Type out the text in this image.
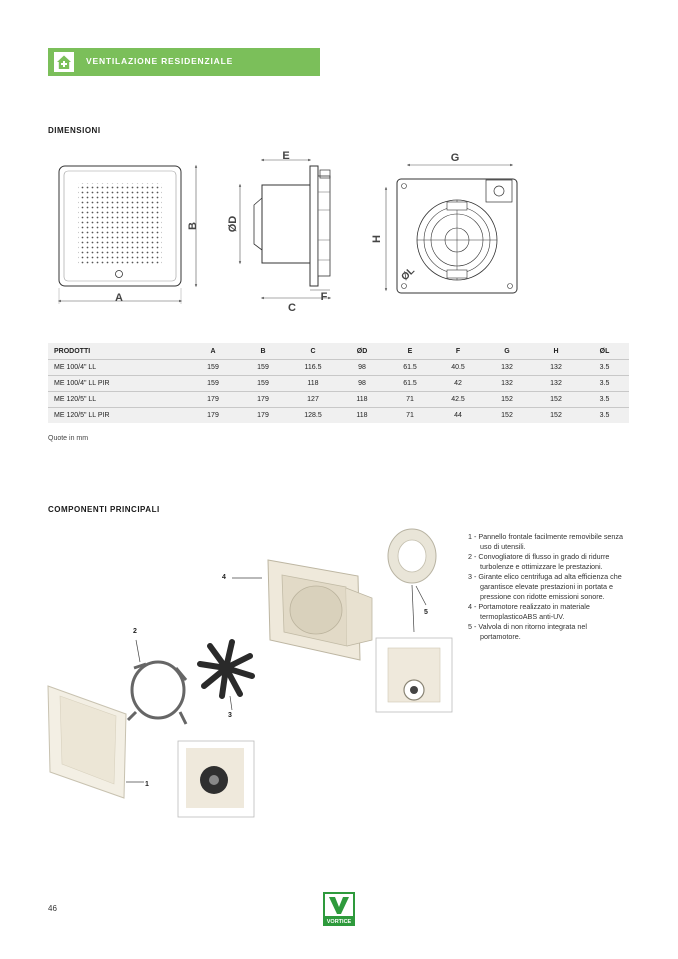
VENTILAZIONE RESIDENZIALE
DIMENSIONI
A
B
E
ØD
C
F
G
H
ØL
PRODOTTI	A	B	C	ØD	E	F	G	H	ØL
ME 100/4" LL	159	159	116.5	98	61.5	40.5	132	132	3.5
ME 100/4" LL PIR	159	159	118	98	61.5	42	132	132	3.5
ME 120/5" LL	179	179	127	118	71	42.5	152	152	3.5
ME 120/5" LL PIR	179	179	128.5	118	71	44	152	152	3.5
Quote in mm
COMPONENTI PRINCIPALI
4
5
2
3
1
1 - Pannello frontale facilmente removibile senza uso di utensili.
2 - Convogliatore di flusso in grado di ridurre turbolenze e ottimizzare le prestazioni.
3 - Girante elico centrifuga ad alta efficienza che garantisce elevate prestazioni in portata e pressione con ridotte emissioni sonore.
4 - Portamotore realizzato in materiale termoplasticoABS anti-UV.
5 - Valvola di non ritorno integrata nel portamotore.
46
VORTICE
